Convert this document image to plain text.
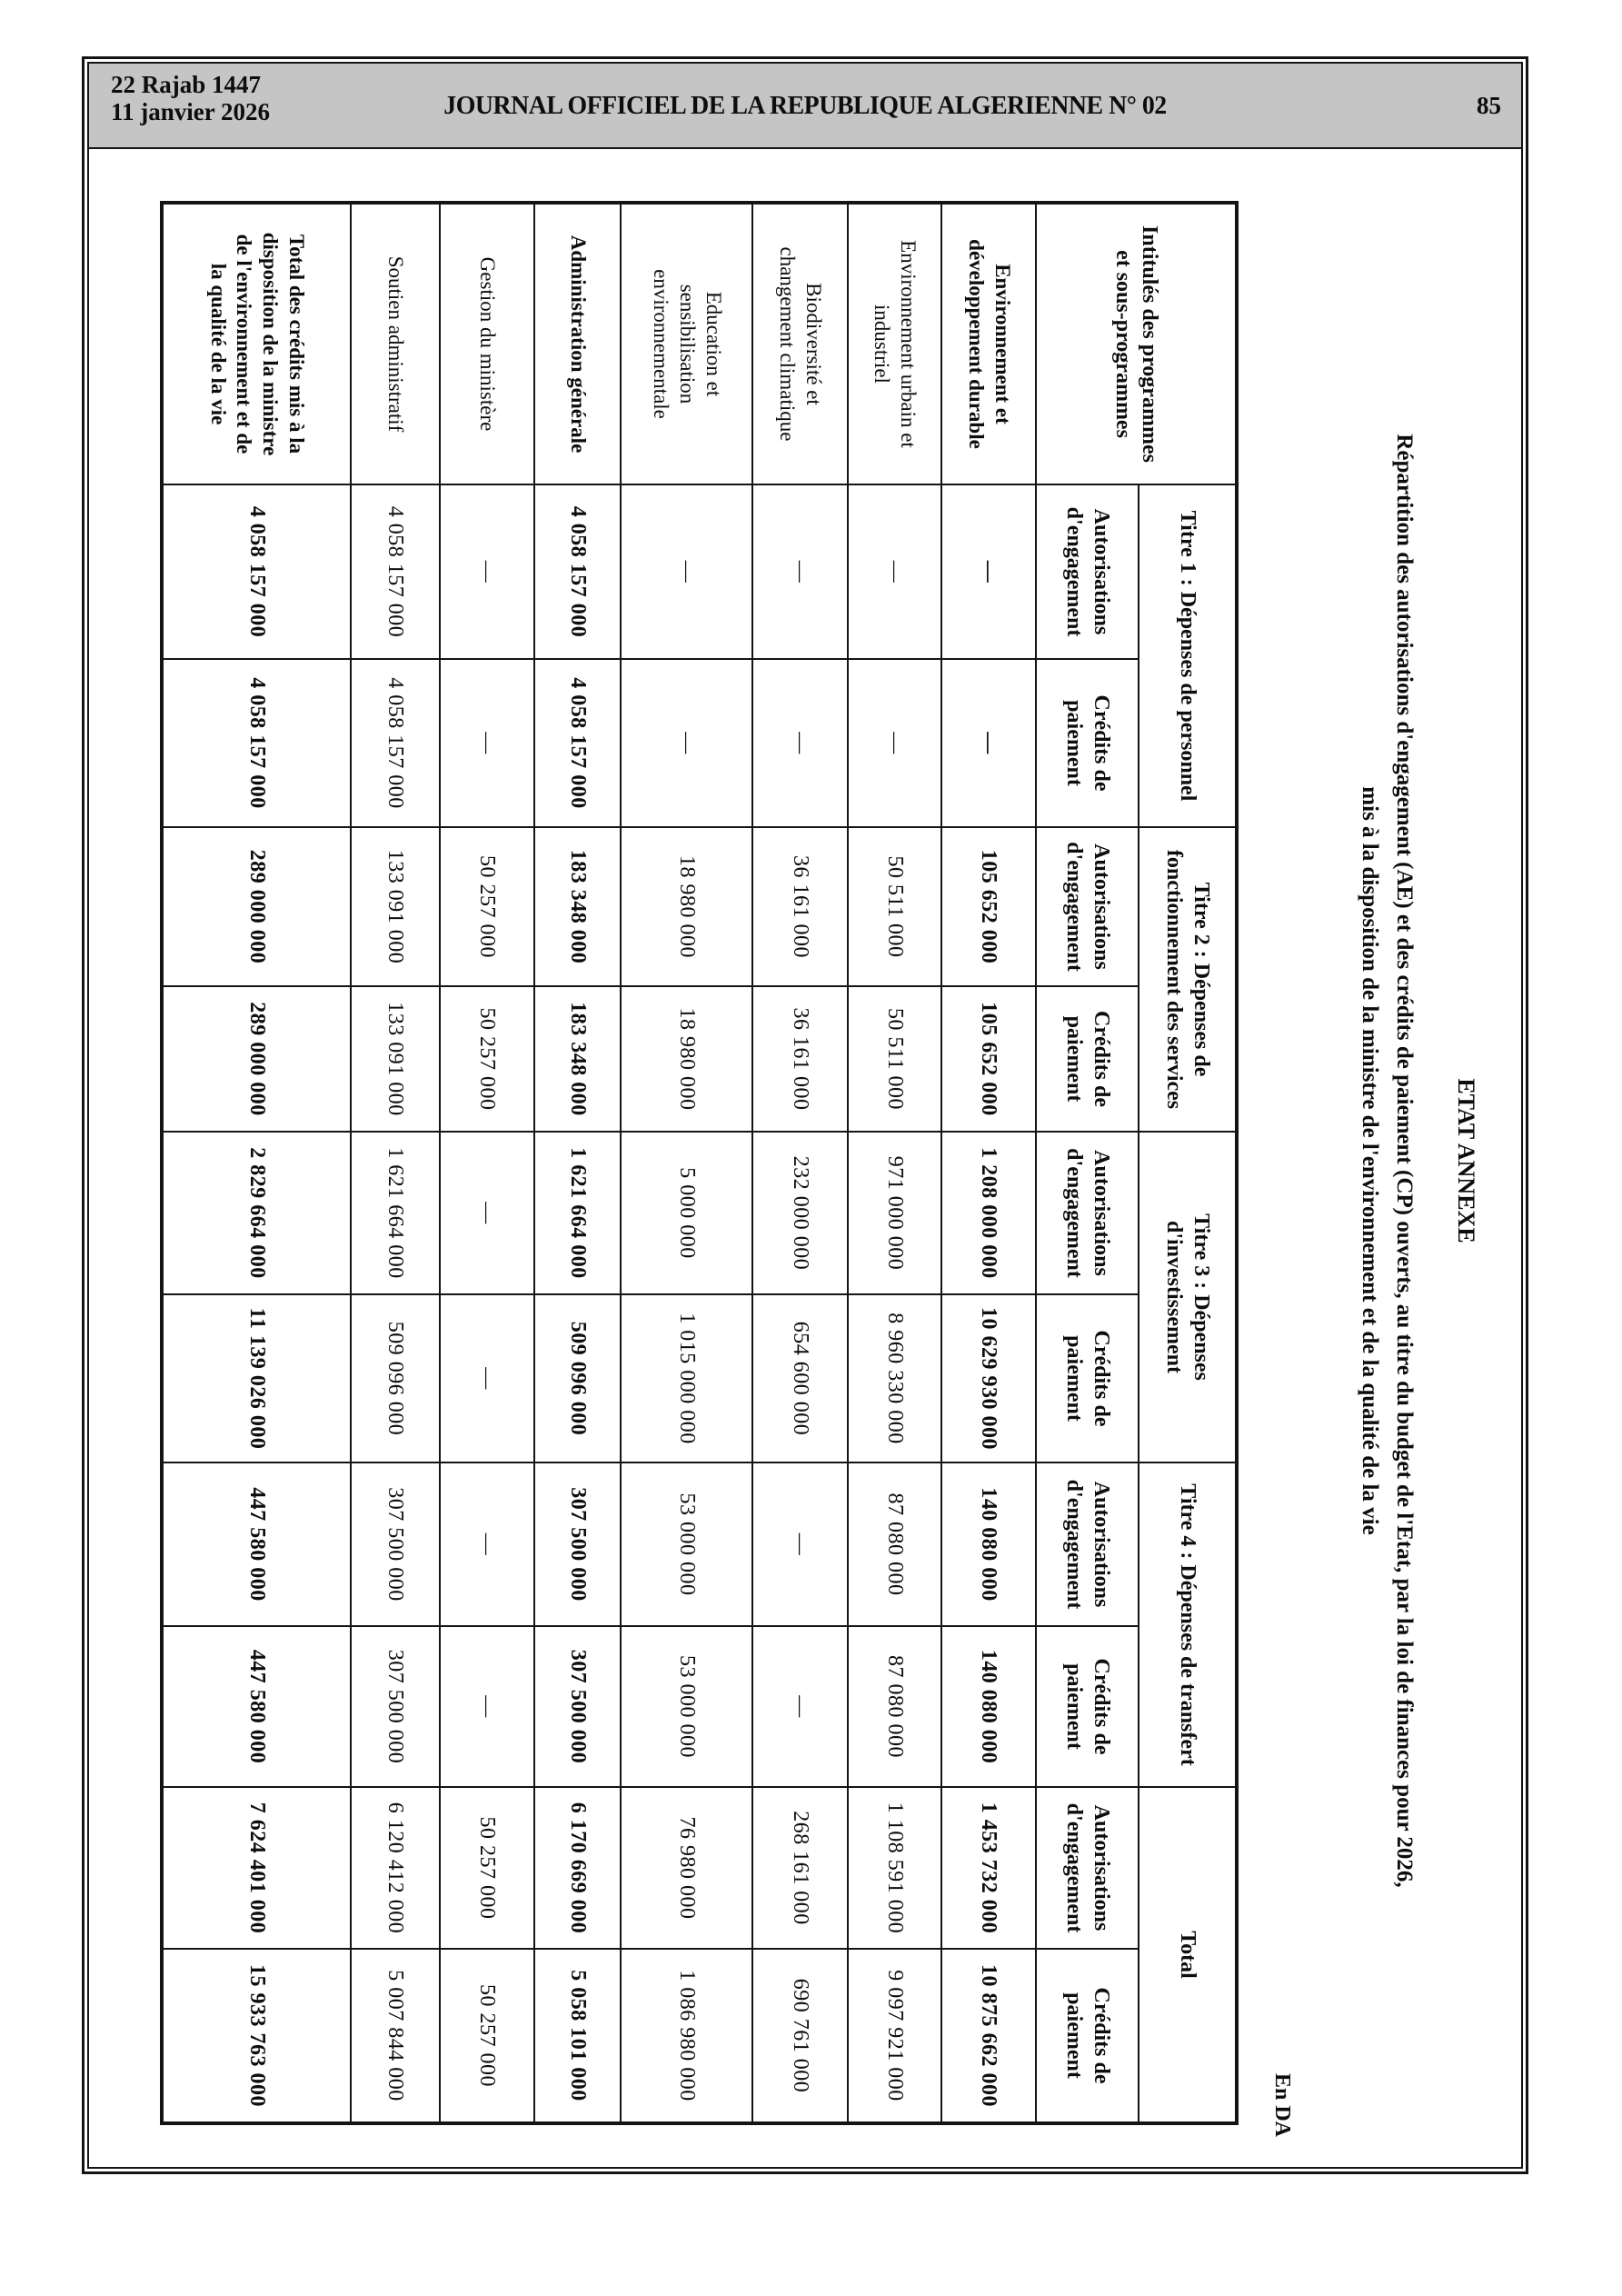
22 Rajab 1447
11 janvier 2026	JOURNAL OFFICIEL DE LA REPUBLIQUE ALGERIENNE N° 02	85
ETAT ANNEXE
Répartition des autorisations d'engagement (AE) et des crédits de paiement (CP) ouverts, au titre du budget de l'Etat, par la loi de finances pour 2026,
mis à la disposition de la ministre de l'environnement et de la qualité de la vie
En DA
Intitulés des programmes et sous-programmes	Titre 1 : Dépenses de personnel		Titre 2 : Dépenses de fonctionnement des services		Titre 3 : Dépenses d'investissement		Titre 4 : Dépenses de transfert		Total	
	Autorisations d'engagement	Crédits de paiement	Autorisations d'engagement	Crédits de paiement	Autorisations d'engagement	Crédits de paiement	Autorisations d'engagement	Crédits de paiement	Autorisations d'engagement	Crédits de paiement
Environnement et développement durable	—	—	105 652 000	105 652 000	1 208 000 000	10 629 930 000	140 080 000	140 080 000	1 453 732 000	10 875 662 000
Environnement urbain et industriel	—	—	50 511 000	50 511 000	971 000 000	8 960 330 000	87 080 000	87 080 000	1 108 591 000	9 097 921 000
Biodiversité et changement climatique	—	—	36 161 000	36 161 000	232 000 000	654 600 000	—	—	268 161 000	690 761 000
Education et sensibilisation environnementale	—	—	18 980 000	18 980 000	5 000 000	1 015 000 000	53 000 000	53 000 000	76 980 000	1 086 980 000
Administration générale	4 058 157 000	4 058 157 000	183 348 000	183 348 000	1 621 664 000	509 096 000	307 500 000	307 500 000	6 170 669 000	5 058 101 000
Gestion du ministère	—	—	50 257 000	50 257 000	—	—	—	—	50 257 000	50 257 000
Soutien administratif	4 058 157 000	4 058 157 000	133 091 000	133 091 000	1 621 664 000	509 096 000	307 500 000	307 500 000	6 120 412 000	5 007 844 000
Total des crédits mis à la disposition de la ministre de l'environnement et de la qualité de la vie	4 058 157 000	4 058 157 000	289 000 000	289 000 000	2 829 664 000	11 139 026 000	447 580 000	447 580 000	7 624 401 000	15 933 763 000
